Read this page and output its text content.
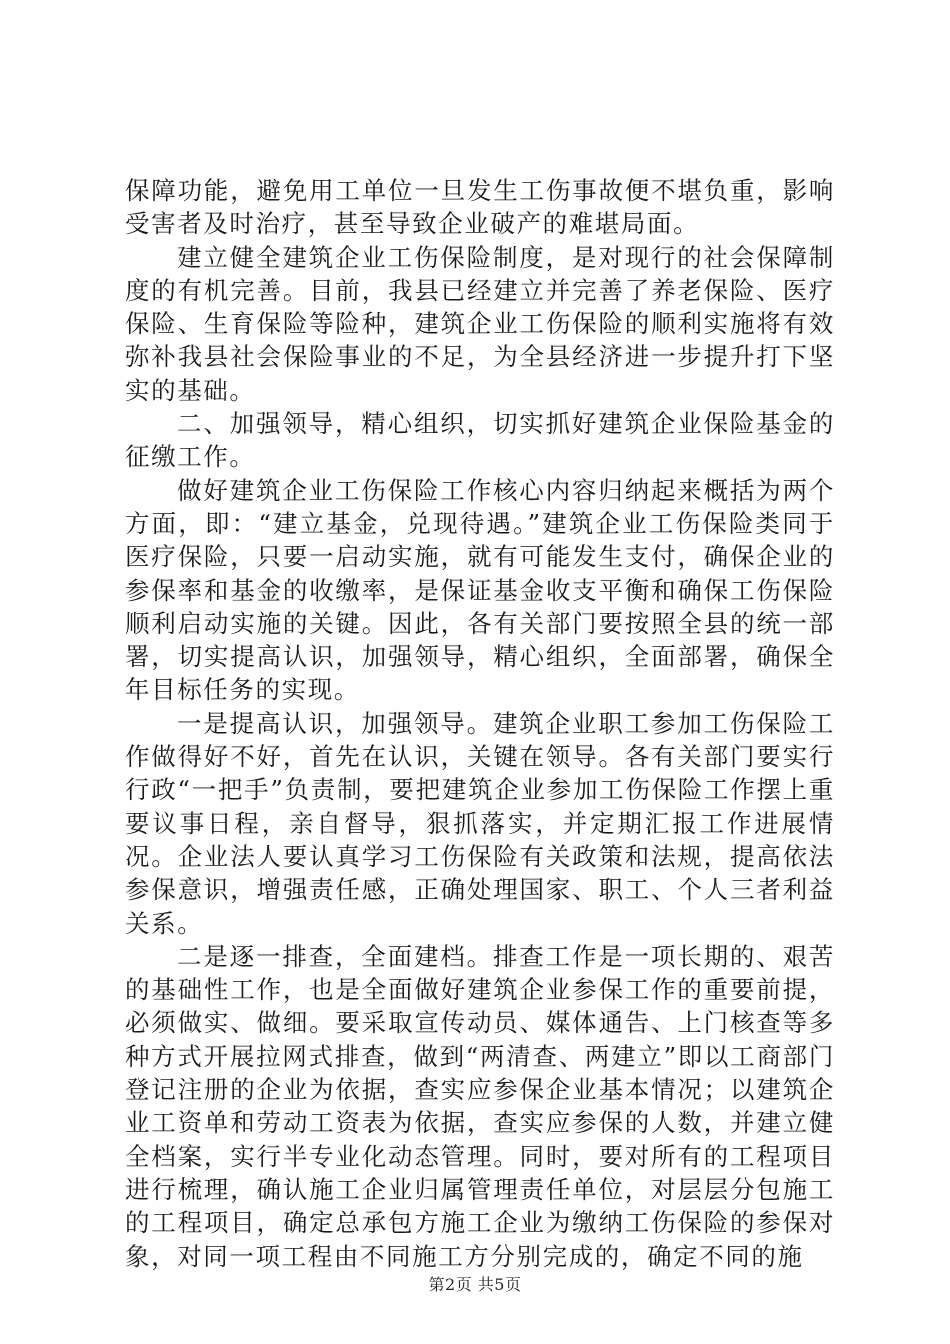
保障功能，避免用工单位一旦发生工伤事故便不堪负重，影响受害者及时治疗，甚至导致企业破产的难堪局面。

建立健全建筑企业工伤保险制度，是对现行的社会保障制度的有机完善。目前，我县已经建立并完善了养老保险、医疗保险、生育保险等险种，建筑企业工伤保险的顺利实施将有效弥补我县社会保险事业的不足，为全县经济进一步提升打下坚实的基础。

二、加强领导，精心组织，切实抓好建筑企业保险基金的征缴工作。

做好建筑企业工伤保险工作核心内容归纳起来概括为两个方面，即：“建立基金，兑现待遇。”建筑企业工伤保险类同于医疗保险，只要一启动实施，就有可能发生支付，确保企业的参保率和基金的收缴率，是保证基金收支平衡和确保工伤保险顺利启动实施的关键。因此，各有关部门要按照全县的统一部署，切实提高认识，加强领导，精心组织，全面部署，确保全年目标任务的实现。

一是提高认识，加强领导。建筑企业职工参加工伤保险工作做得好不好，首先在认识，关键在领导。各有关部门要实行行政“一把手”负责制，要把建筑企业参加工伤保险工作摆上重要议事日程，亲自督导，狠抓落实，并定期汇报工作进展情况。企业法人要认真学习工伤保险有关政策和法规，提高依法参保意识，增强责任感，正确处理国家、职工、个人三者利益关系。

二是逐一排查，全面建档。排查工作是一项长期的、艰苦的基础性工作，也是全面做好建筑企业参保工作的重要前提，必须做实、做细。要采取宣传动员、媒体通告、上门核查等多种方式开展拉网式排查，做到“两清查、两建立”即以工商部门登记注册的企业为依据，查实应参保企业基本情况；以建筑企业工资单和劳动工资表为依据，查实应参保的人数，并建立健全档案，实行半专业化动态管理。同时，要对所有的工程项目进行梳理，确认施工企业归属管理责任单位，对层层分包施工的工程项目，确定总承包方施工企业为缴纳工伤保险的参保对象，对同一项工程由不同施工方分别完成的，确定不同的施

第2页 共5页
